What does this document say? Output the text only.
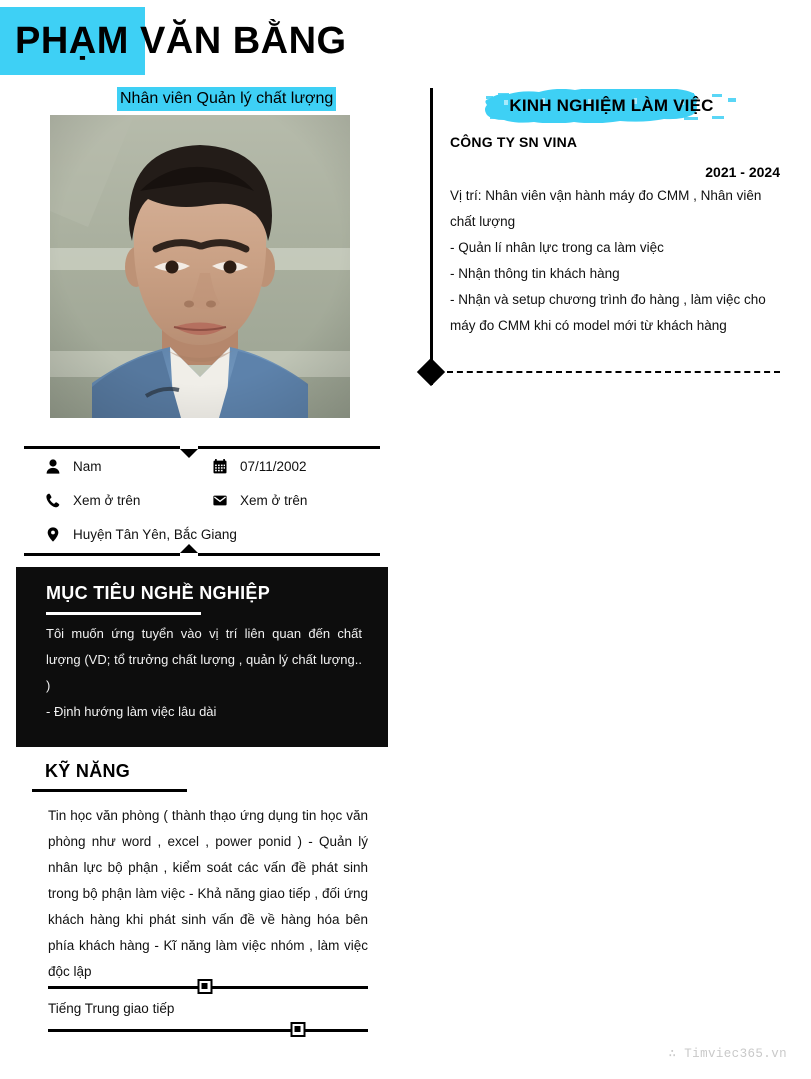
PHẠM VĂN BẰNG
Nhân viên Quản lý chất lượng
Nam	07/11/2002
Xem ở trên	Xem ở trên
Huyện Tân Yên, Bắc Giang
MỤC TIÊU NGHỀ NGHIỆP
Tôi muốn ứng tuyển vào vị trí liên quan đến chất lượng (VD; tổ trưởng chất lượng , quản lý chất lượng.. )
- Định hướng làm việc lâu dài
KỸ NĂNG
Tin học văn phòng ( thành thạo ứng dụng tin học văn phòng như word , excel , power ponid ) - Quản lý nhân lực bộ phận , kiểm soát các vấn đề phát sinh trong bộ phận làm việc - Khả năng giao tiếp , đối ứng khách hàng khi phát sinh vấn đề về hàng hóa bên phía khách hàng - Kĩ năng làm việc nhóm , làm việc độc lập
Tiếng Trung giao tiếp
KINH NGHIỆM LÀM VIỆC
CÔNG TY SN VINA
2021 - 2024
Vị trí: Nhân viên vận hành máy đo CMM , Nhân viên chất lượng
- Quản lí nhân lực trong ca làm việc
- Nhận thông tin khách hàng
- Nhận và setup chương trình đo hàng , làm việc cho máy đo CMM khi có model mới từ khách hàng
∴ Timviec365.vn
